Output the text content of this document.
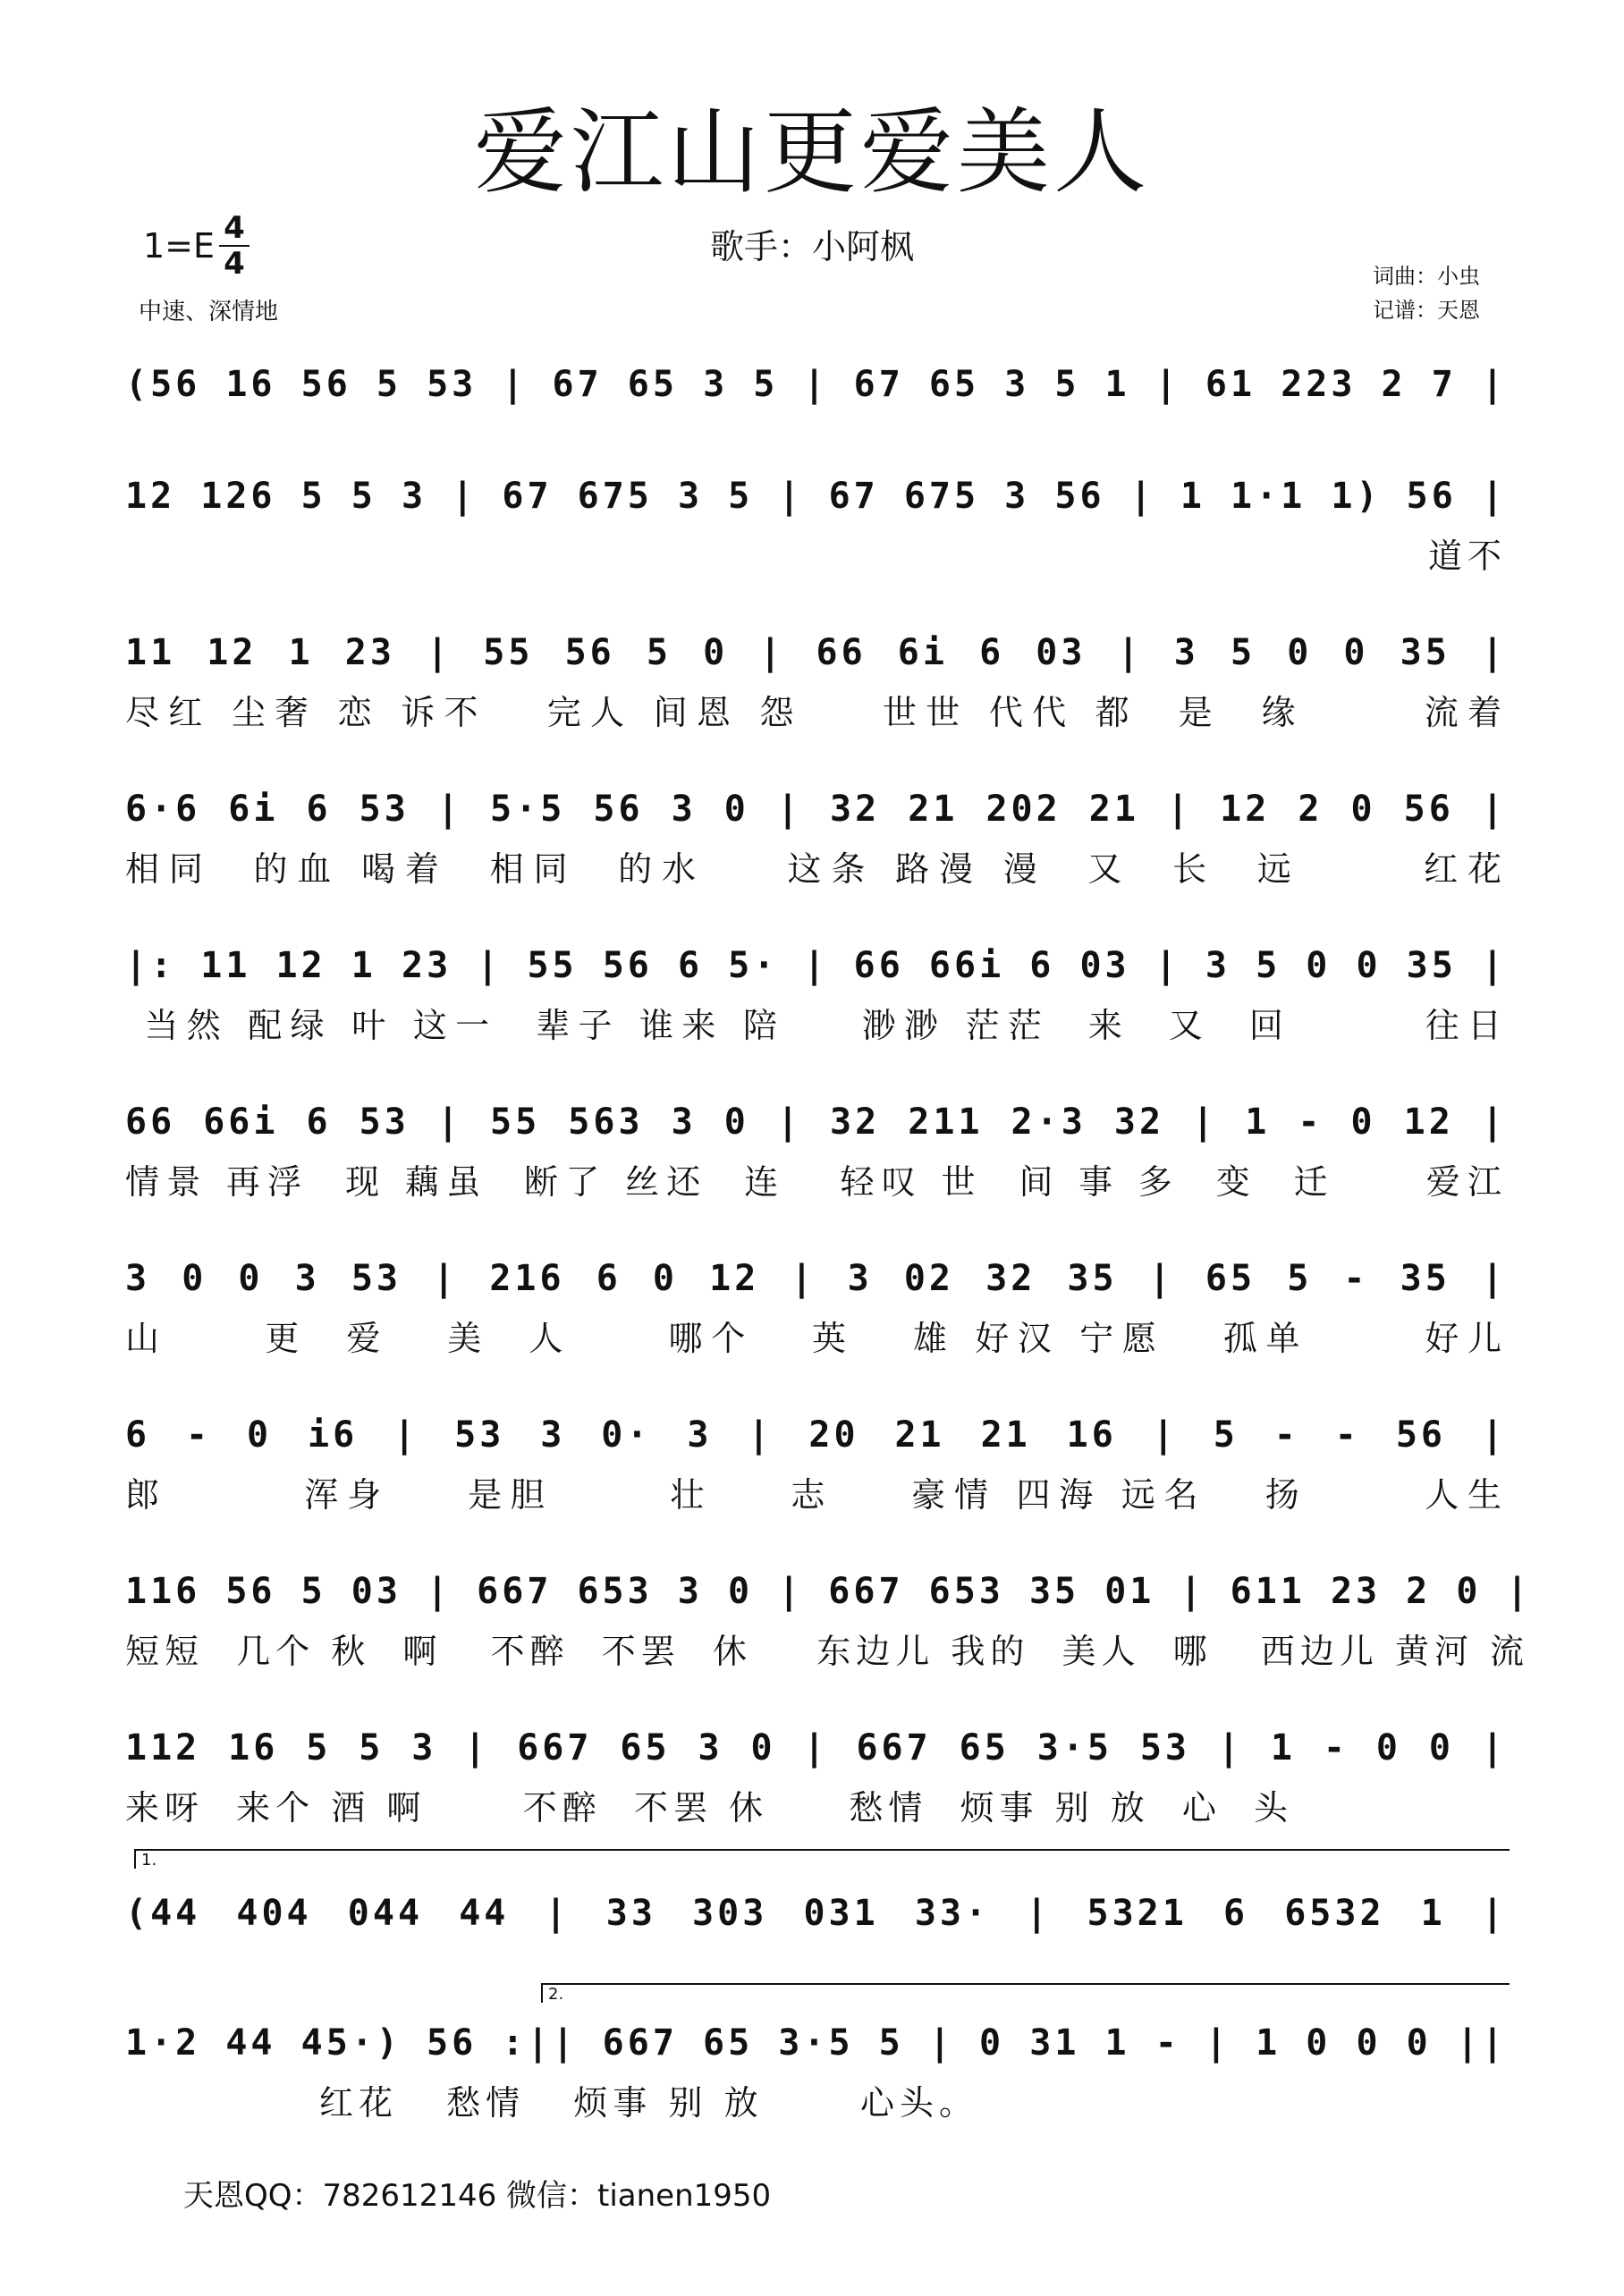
爱江山更爱美人
1=E 4
4
中速、深情地
歌手：小阿枫
词曲：小虫
记谱：天恩
(56 16 56 5 53 | 67 65 3 5 | 67 65 3 5 1 | 61 223 2 7 |
12 126 5 5 3 | 67 675 3 5 | 67 675 3 56 | 1 1·1 1) 56 |
道不
11 12 1 23 | 55 56 5 0 | 66 6i 6 03 | 3 5 0 0 35 |
尽红 尘奢 恋 诉不   完人 间恩 怨    世世 代代 都  是  缘      流着
6·6 6i 6 53 | 5·5 56 3 0 | 32 21 202 21 | 12 2 0 56 |
相同  的血 喝着  相同  的水    这条 路漫 漫  又  长  远      红花
|: 11 12 1 23 | 55 56 6 5· | 66 66i 6 03 | 3 5 0 0 35 |
当然 配绿 叶 这一  辈子 谁来 陪    渺渺 茫茫  来  又  回       往日
66 66i 6 53 | 55 563 3 0 | 32 211 2·3 32 | 1 - 0 12 |
情景 再浮  现 藕虽  断了 丝还  连   轻叹 世  间 事 多  变  迁     爱江
3 0 0 3 53 | 216 6 0 12 | 3 02 32 35 | 65 5 - 35 |
山     更  爱   美  人     哪个   英   雄 好汉 宁愿   孤单      好儿
6 - 0 i6 | 53 3 0· 3 | 20 21 21 16 | 5 - - 56 |
郎       浑身    是胆      壮    志    豪情 四海 远名   扬      人生
116 56 5 03 | 667 653 3 0 | 667 653 35 01 | 611 23 2 0 |
短短  几个 秋  啊   不醉  不罢  休    东边儿 我的  美人  哪   西边儿 黄河 流
112 16 5 5 3 | 667 65 3 0 | 667 65 3·5 53 | 1 - 0 0 |
来呀  来个 酒 啊      不醉  不罢 休     愁情  烦事 别 放  心  头
1.
(44 404 044 44 | 33 303 031 33· | 5321 6 6532 1 |
2.
1·2 44 45·) 56 :|| 667 65 3·5 5 | 0 31 1 - | 1 0 0 0 ||
红花   愁情   烦事 别 放      心头。
天恩QQ：782612146 微信：tianen1950
